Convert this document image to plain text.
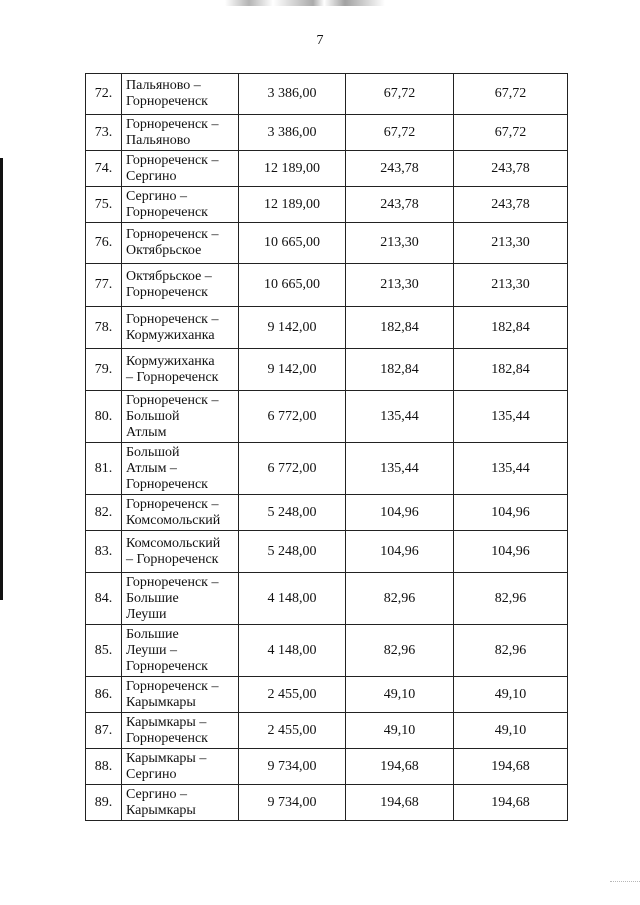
7
72.	Пальяново –
Горнореченск	3 386,00	67,72	67,72
73.	Горнореченск –
Пальяново	3 386,00	67,72	67,72
74.	Горнореченск –
Сергино	12 189,00	243,78	243,78
75.	Сергино –
Горнореченск	12 189,00	243,78	243,78
76.	Горнореченск –
Октябрьское	10 665,00	213,30	213,30
77.	Октябрьское –
Горнореченск	10 665,00	213,30	213,30
78.	Горнореченск –
Кормужиханка	9 142,00	182,84	182,84
79.	Кормужиханка
– Горнореченск	9 142,00	182,84	182,84
80.	Горнореченск –
Большой
Атлым	6 772,00	135,44	135,44
81.	Большой
Атлым –
Горнореченск	6 772,00	135,44	135,44
82.	Горнореченск –
Комсомольский	5 248,00	104,96	104,96
83.	Комсомольский
– Горнореченск	5 248,00	104,96	104,96
84.	Горнореченск –
Большие
Леуши	4 148,00	82,96	82,96
85.	Большие
Леуши –
Горнореченск	4 148,00	82,96	82,96
86.	Горнореченск –
Карымкары	2 455,00	49,10	49,10
87.	Карымкары –
Горнореченск	2 455,00	49,10	49,10
88.	Карымкары –
Сергино	9 734,00	194,68	194,68
89.	Сергино –
Карымкары	9 734,00	194,68	194,68
